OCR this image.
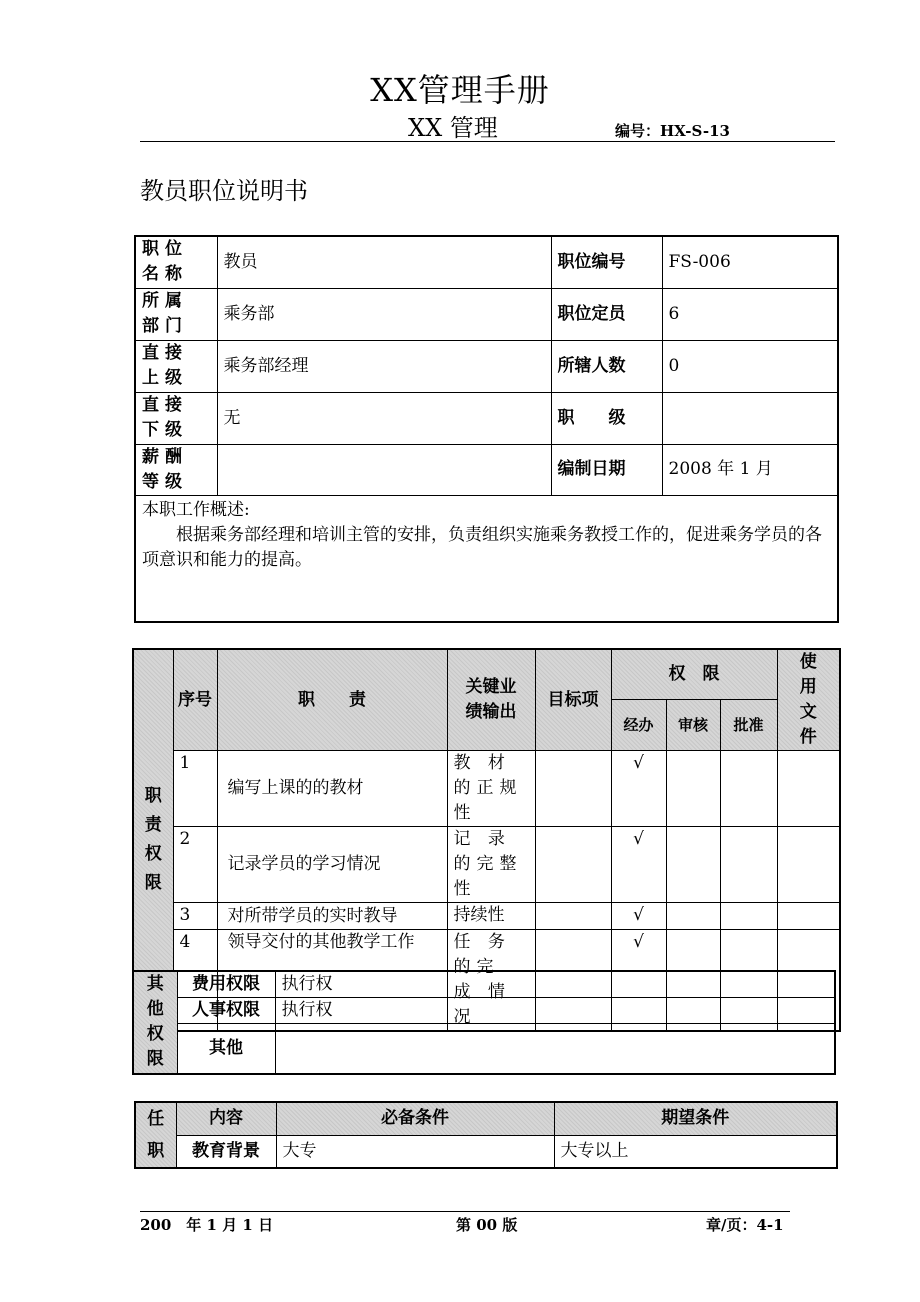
XX管理手册
XX 管理	编号：HX-S-13
教员职位说明书
职位名称	教员	职位编号	FS-006
所属部门	乘务部	职位定员	6
直接上级	乘务部经理	所辖人数	0
直接下级	无	职　　级	
薪酬等级		编制日期	2008 年 1 月

本职工作概述:
根据乘务部经理和培训主管的安排，负责组织实施乘务教授工作的，促进乘务学员的各项意识和能力的提高。			
职责权限	序号	职　　责	关键业绩输出	目标项	权　限			使用文件
					经办	审核	批准	
	1	编写上课的的教材	教 材 的正规性		√			
	2	记录学员的学习情况	记 录 的完整性		√			
	3	对所带学员的实时教导	持续性		√			
	4	领导交付的其他教学工作	任 务 的完 成 情况		√			
其他权限	费用权限	执行权
	人事权限	执行权
	其他	
任职	内容	必备条件	期望条件
	教育背景	大专	大专以上
200　年 1 月 1 日	第 00 版	章/页：4-1
